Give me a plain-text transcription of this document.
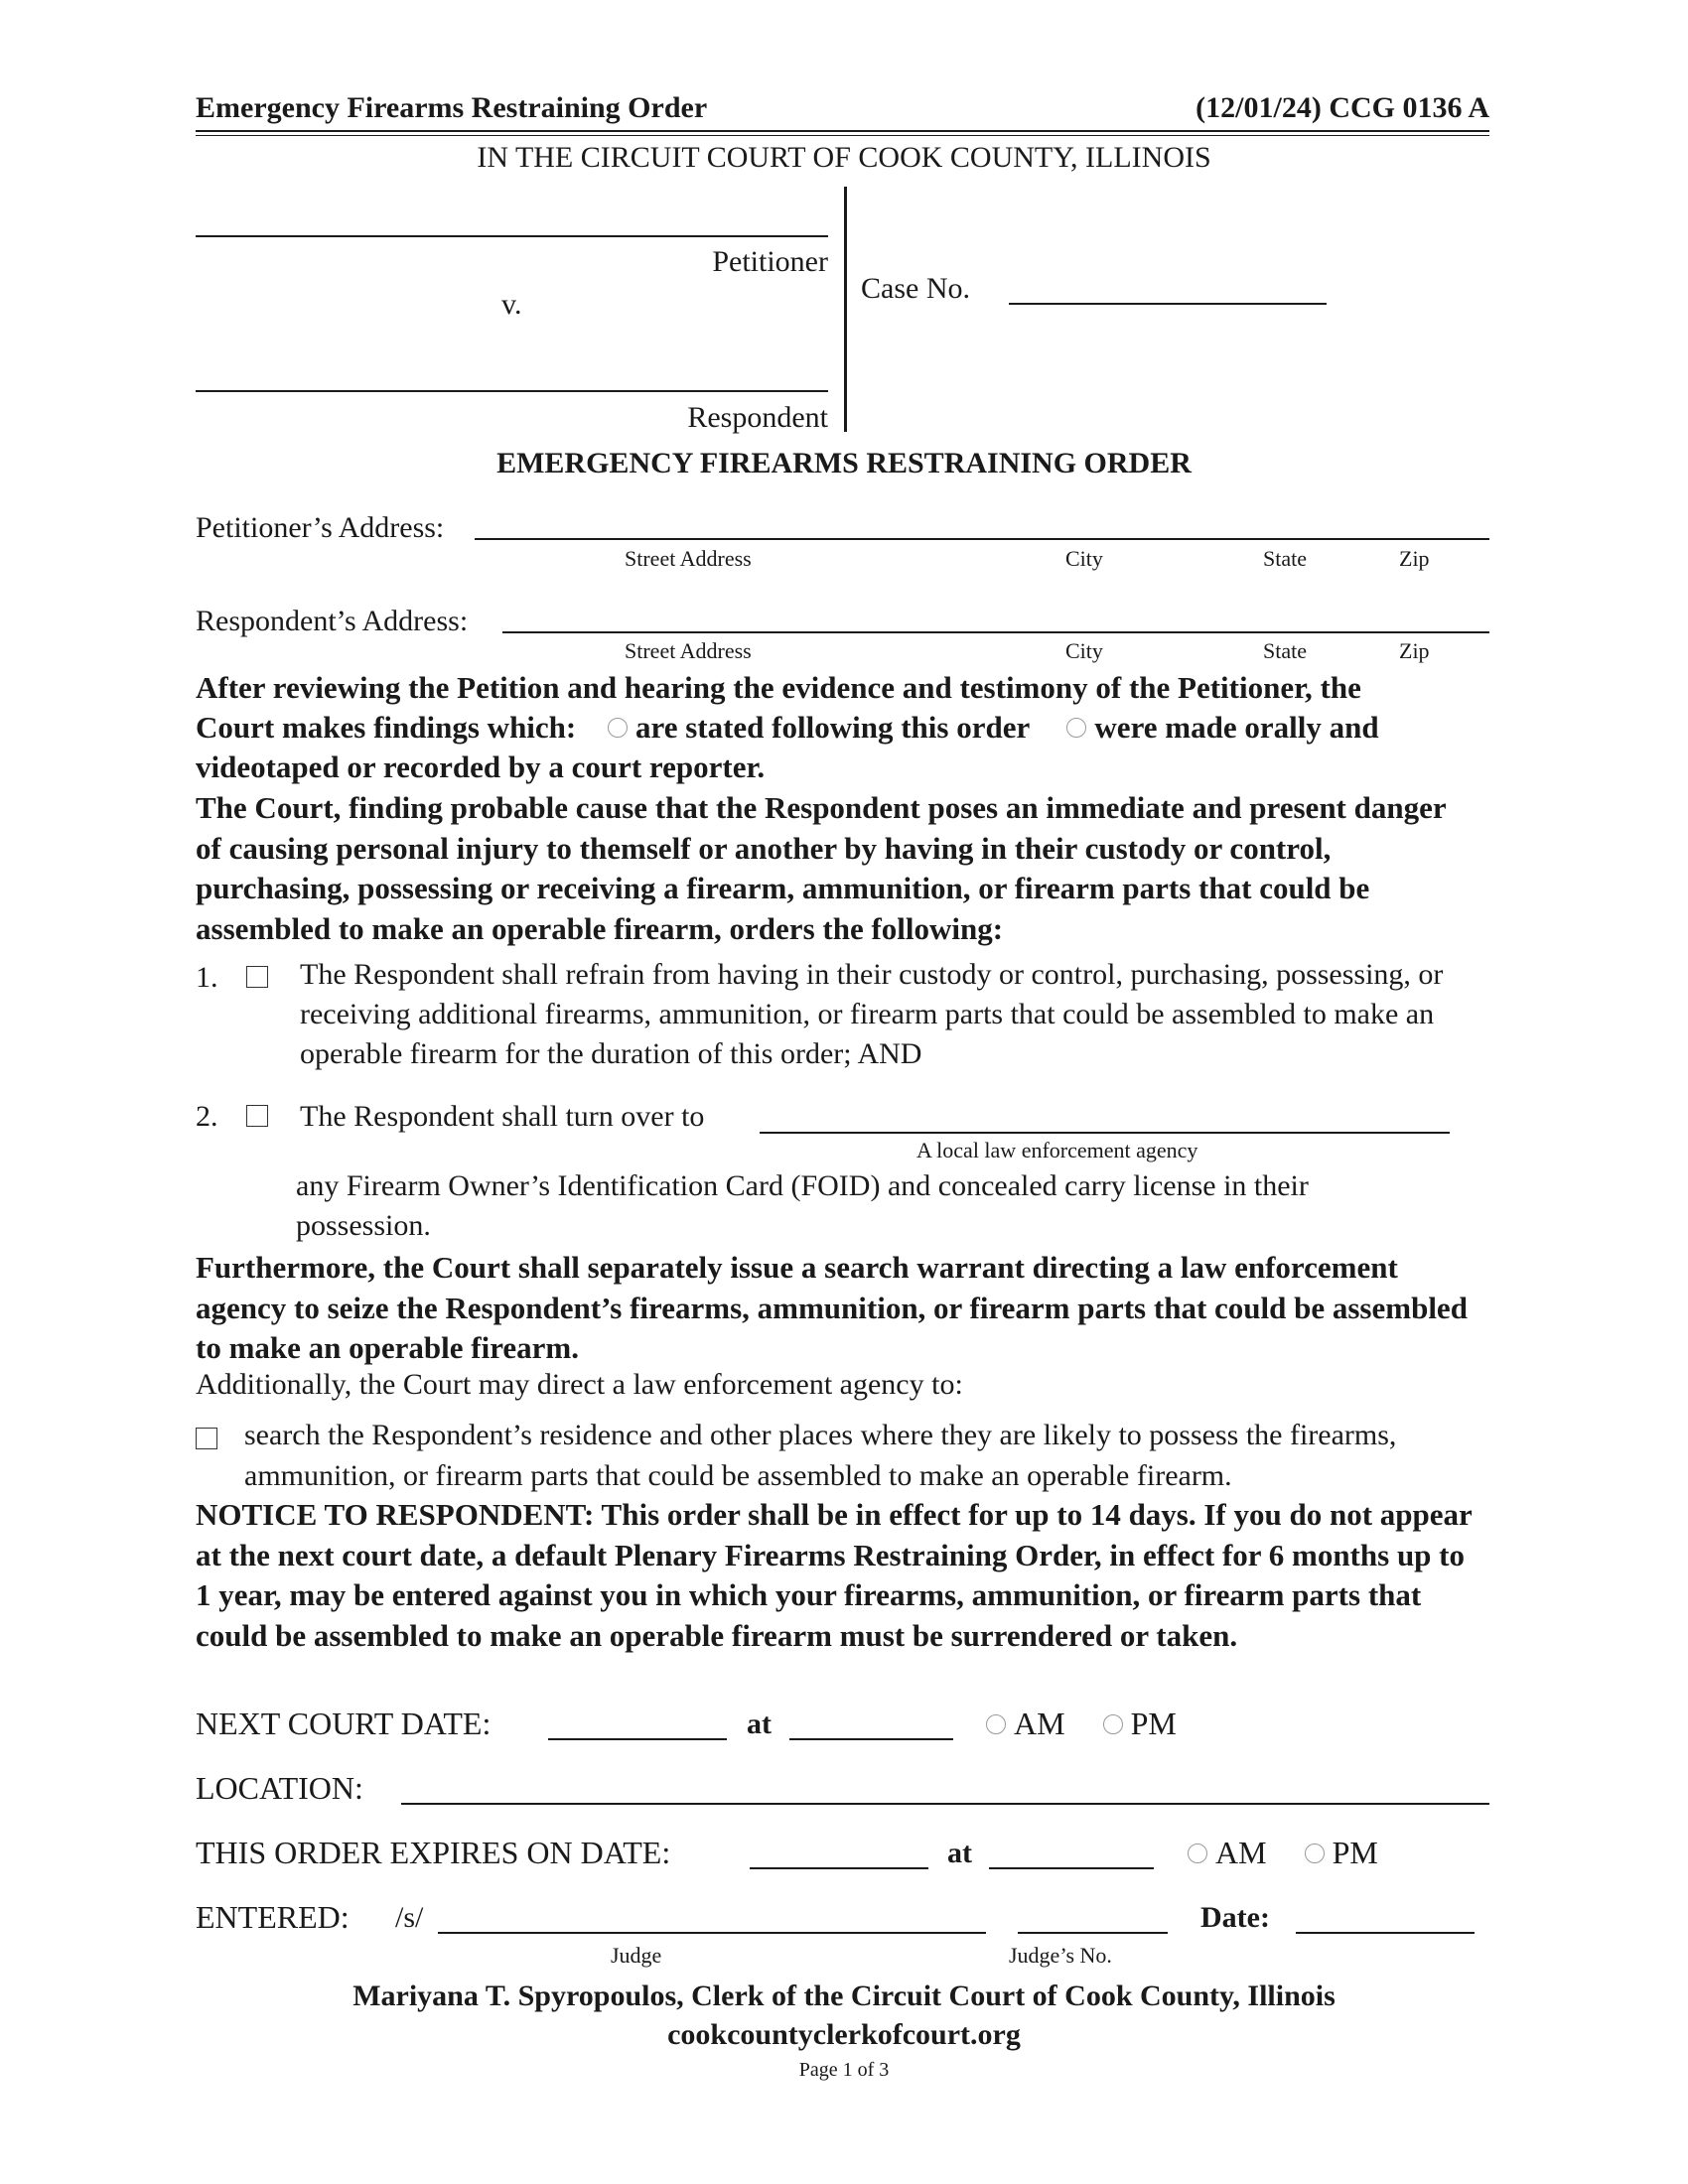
Emergency Firearms Restraining Order	(12/01/24) CCG 0136 A
IN THE CIRCUIT COURT OF COOK COUNTY, ILLINOIS
Petitioner
v.
Respondent
Case No.
EMERGENCY FIREARMS RESTRAINING ORDER
Petitioner’s Address:
Street Address	City	State	Zip
Respondent’s Address:
Street Address	City	State	Zip
After reviewing the Petition and hearing the evidence and testimony of the Petitioner, the
Court makes findings which: are stated following this order were made orally and
videotaped or recorded by a court reporter.
The Court, finding probable cause that the Respondent poses an immediate and present danger of causing personal injury to themself or another by having in their custody or control, purchasing, possessing or receiving a firearm, ammunition, or firearm parts that could be assembled to make an operable firearm, orders the following:
1.	The Respondent shall refrain from having in their custody or control, purchasing, possessing, or receiving additional firearms, ammunition, or firearm parts that could be assembled to make an operable firearm for the duration of this order; AND
2.	The Respondent shall turn over to
A local law enforcement agency
any Firearm Owner’s Identification Card (FOID) and concealed carry license in their possession.
Furthermore, the Court shall separately issue a search warrant directing a law enforcement agency to seize the Respondent’s firearms, ammunition, or firearm parts that could be assembled to make an operable firearm.
Additionally, the Court may direct a law enforcement agency to:
search the Respondent’s residence and other places where they are likely to possess the firearms, ammunition, or firearm parts that could be assembled to make an operable firearm.
NOTICE TO RESPONDENT: This order shall be in effect for up to 14 days. If you do not appear at the next court date, a default Plenary Firearms Restraining Order, in effect for 6 months up to 1 year, may be entered against you in which your firearms, ammunition, or firearm parts that could be assembled to make an operable firearm must be surrendered or taken.
NEXT COURT DATE:	at	AM PM
LOCATION:
THIS ORDER EXPIRES ON DATE:	at	AM PM
ENTERED: /s/	Date:
Judge	Judge’s No.
Mariyana T. Spyropoulos, Clerk of the Circuit Court of Cook County, Illinois
cookcountyclerkofcourt.org
Page 1 of 3
